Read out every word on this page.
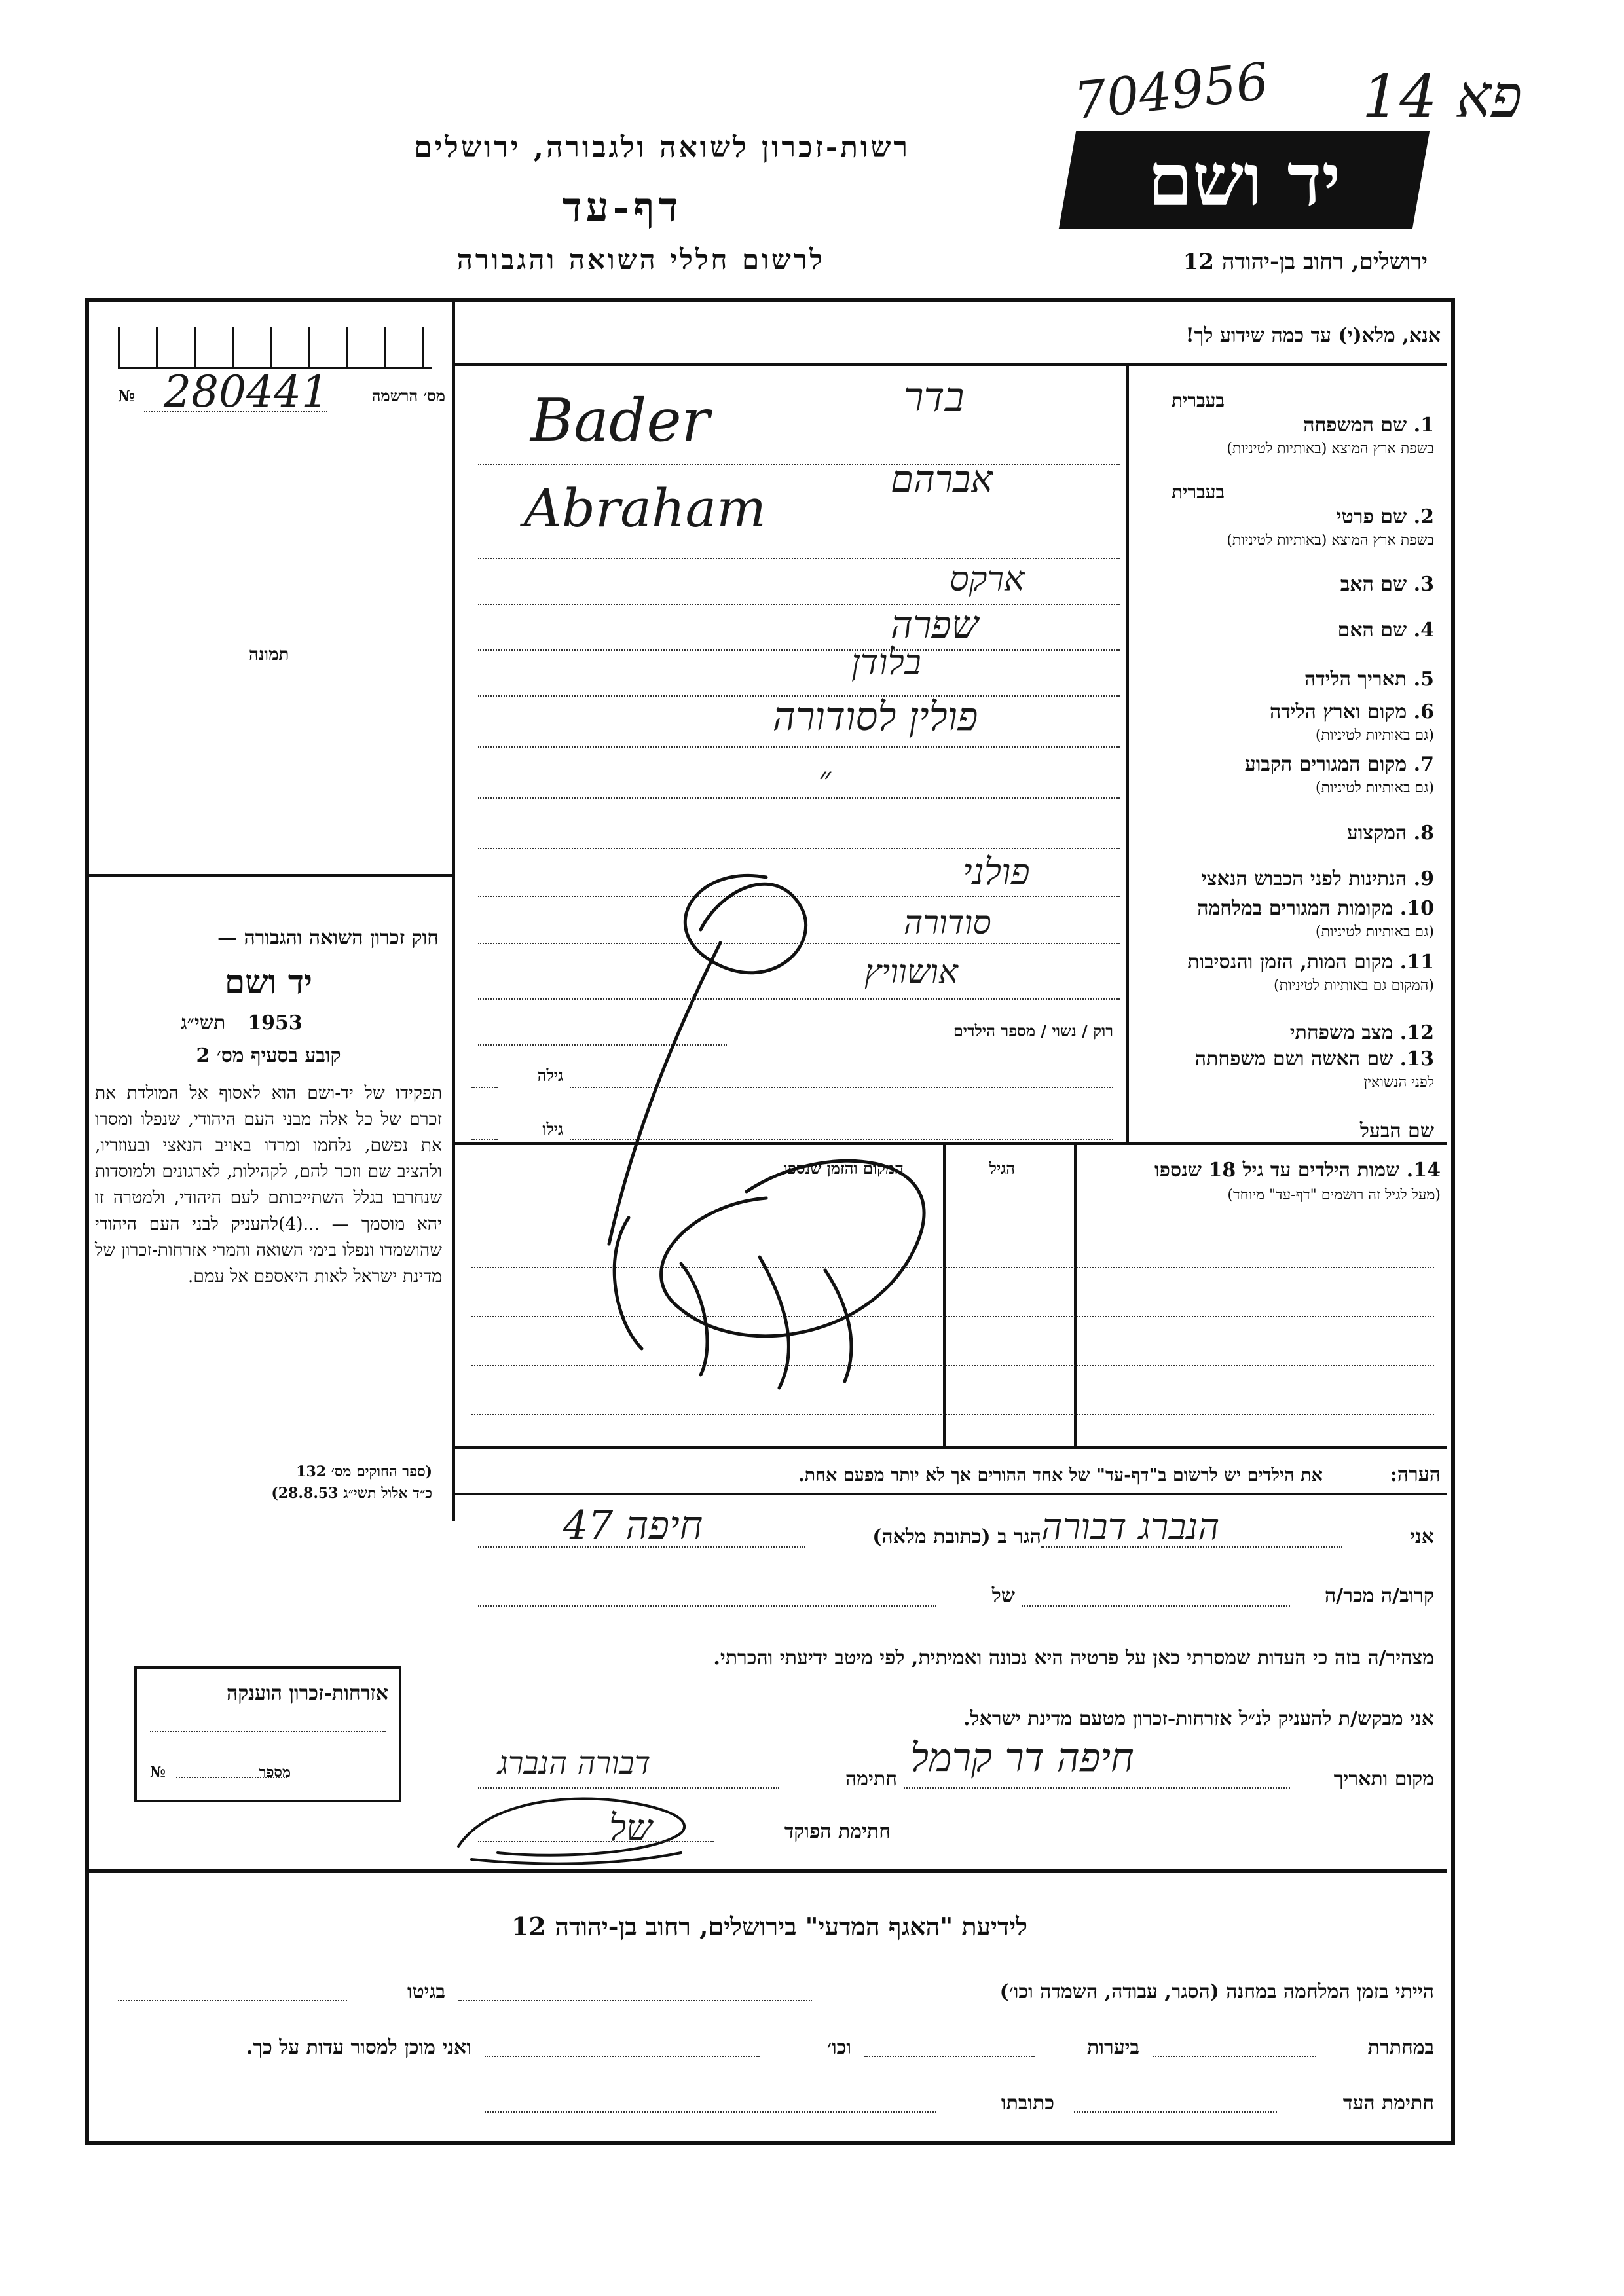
704956 פא 14
רשות-זכרון לשואה ולגבורה, ירושלים
דף-עד
לרשום חללי השואה והגבורה
יד ושם
ירושלים, רחוב בן-יהודה 12
מס׳ הרשמה
№ 280441
תמונה
חוק זכרון השואה והגבורה —
יד ושם
תשי״ג	1953
קובע בסעיף מס׳ 2
תפקידו של יד-ושם הוא לאסוף אל המולדת את זכרם של כל אלה מבני העם היהודי, שנפלו ומסרו את נפשם, נלחמו ומרדו באויב הנאצי ובעוזריו, ולהציב שם וזכר להם, לקהילות, לארגונים ולמוסדות שנחרבו בגלל השתייכותם לעם היהודי, ולמטרה זו יהא מוסמך — ...(4)להעניק לבני העם היהודי שהושמדו ונפלו בימי השואה והמרי אזרחות-זכרון של מדינת ישראל לאות היאספם אל עמם.
(ספר החוקים מס׳ 132
כ״ד אלול תשי״ג 28.8.53)
אנא, מלא(י) עד כמה שידוע לך!
בעברית
1. שם המשפחה
בשפת ארץ המוצא (באותיות לטיניות)
בדר
Bader
בעברית
2. שם פרטי
בשפת ארץ המוצא (באותיות לטיניות)
אברהם
Abraham
3. שם האב
ארקס
4. שם האם
שפרה
5. תאריך הלידה
בלודן
6. מקום וארץ הלידה
(גם באותיות לטיניות)
פולין לסודורה
7. מקום המגורים הקבוע
(גם באותיות לטיניות)
״
8. המקצוע
9. הנתינות לפני הכבוש הנאצי
פולני
10. מקומות המגורים במלחמה
(גם באותיות לטיניות)
סודורה
11. מקום המות, הזמן והנסיבות
(המקום גם באותיות לטיניות)
אושוויץ
12. מצב משפחתי
רוק / נשוי / מספר הילדים
13. שם האשה ושם משפחתה
לפני הנשואין
גילה
שם הבעל
גילו
14. שמות הילדים עד גיל 18 שנספו
(מעל לגיל זה רושמים "דף-עד" מיוחד)
הגיל
המקום והזמן שנספו
הערה:
את הילדים יש לרשום ב"דף-עד" של אחד ההורים אך לא יותר מפעם אחת.
אני
הנברג דבורה
הגר ב (כתובת מלאה)
חיפה 47
קרוב/ה מכר/ה
של
מצהיר/ה בזה כי העדות שמסרתי כאן על פרטיה היא נכונה ואמיתית, לפי מיטב ידיעתי והכרתי.
אני מבקש/ת להעניק לנ״ל אזרחות-זכרון מטעם מדינת ישראל.
מקום ותאריך
חיפה דר קרמל
חתימה
דבורה הנברג
חתימת הפוקד
של
אזרחות-זכרון הוענקה
מספר
№
לידיעת "האגף המדעי" בירושלים, רחוב בן-יהודה 12
הייתי בזמן המלחמה במחנה (הסגר, עבודה, השמדה וכו׳)
בגיטו
במחתרת
ביערות
וכו׳
ואני מוכן למסור עדות על כך.
חתימת העד
כתובתו
